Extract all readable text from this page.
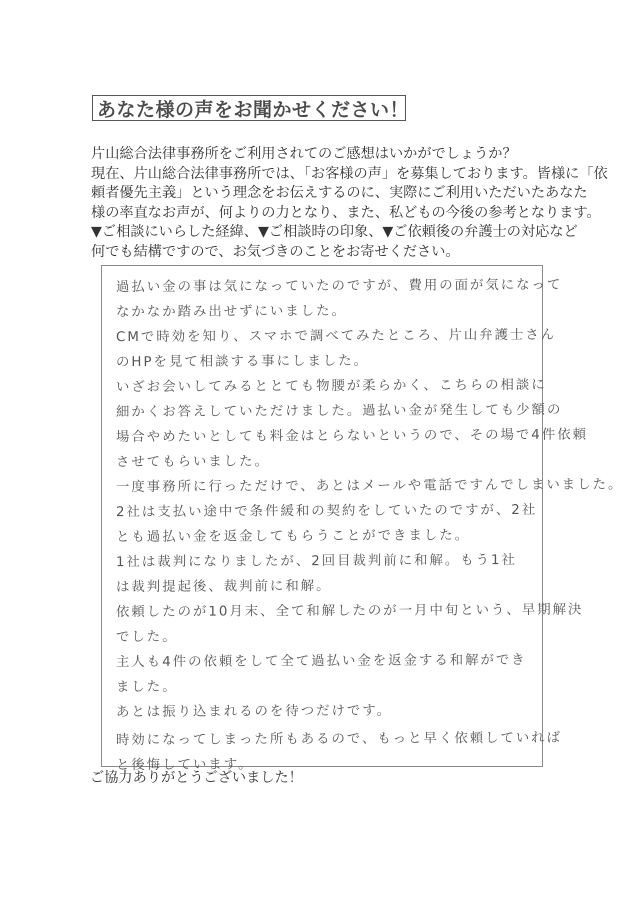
あなた様の声をお聞かせください！
片山総合法律事務所をご利用されてのご感想はいかがでしょうか？
現在、片山総合法律事務所では、「お客様の声」を募集しております。皆様に「依
頼者優先主義」という理念をお伝えするのに、実際にご利用いただいたあなた
様の率直なお声が、何よりの力となり、また、私どもの今後の参考となります。
▼ご相談にいらした経緯、▼ご相談時の印象、▼ご依頼後の弁護士の対応など
何でも結構ですので、お気づきのことをお寄せください。
過払い金の事は気になっていたのですが、費用の面が気になって
なかなか踏み出せずにいました。
CMで時効を知り、スマホで調べてみたところ、片山弁護士さん
のHPを見て相談する事にしました。
いざお会いしてみるととても物腰が柔らかく、こちらの相談に
細かくお答えしていただけました。過払い金が発生しても少額の
場合やめたいとしても料金はとらないというので、その場で4件依頼
させてもらいました。
一度事務所に行っただけで、あとはメールや電話ですんでしまいました。
2社は支払い途中で条件緩和の契約をしていたのですが、2社
とも過払い金を返金してもらうことができました。
1社は裁判になりましたが、2回目裁判前に和解。もう1社
は裁判提起後、裁判前に和解。
依頼したのが10月末、全て和解したのが一月中旬という、早期解決
でした。
主人も4件の依頼をして全て過払い金を返金する和解ができ
ました。
あとは振り込まれるのを待つだけです。
時効になってしまった所もあるので、もっと早く依頼していれば
と後悔しています。
ご協力ありがとうございました！
